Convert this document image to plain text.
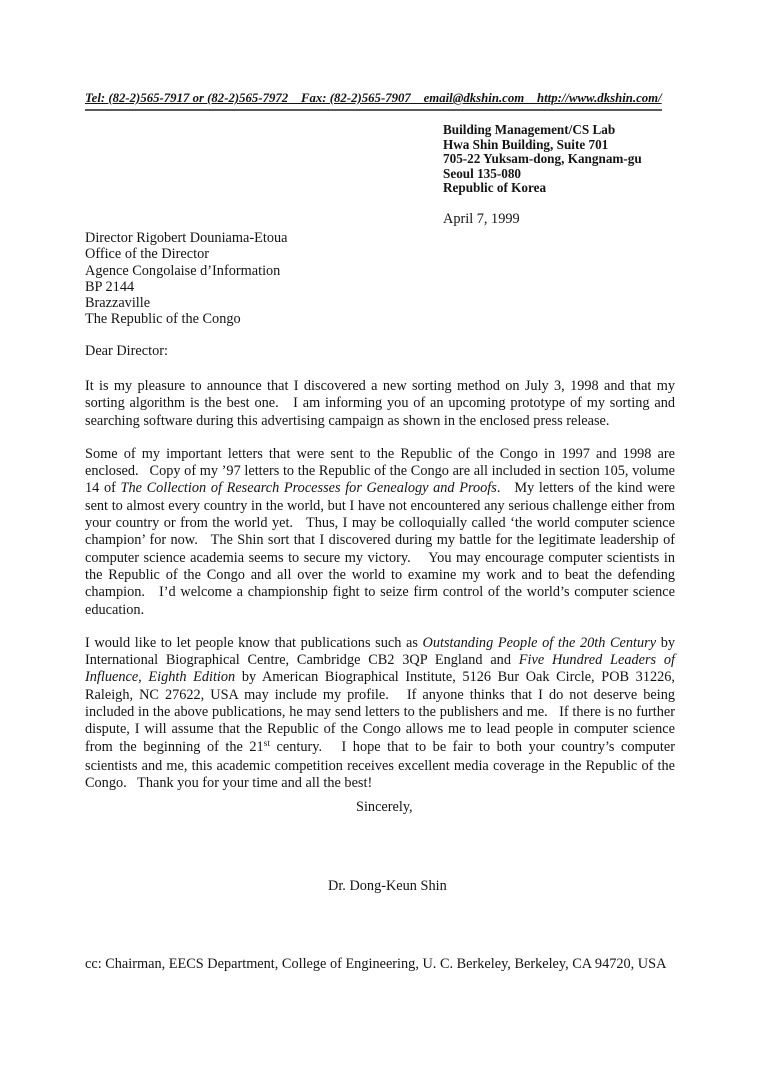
Tel: (82-2)565-7917 or (82-2)565-7972    Fax: (82-2)565-7907    email@dkshin.com    http://www.dkshin.com/
Building Management/CS Lab
Hwa Shin Building, Suite 701
705-22 Yuksam-dong, Kangnam-gu
Seoul 135-080
Republic of Korea
April 7, 1999
Director Rigobert Douniama-Etoua
Office of the Director
Agence Congolaise d’Information
BP 2144
Brazzaville
The Republic of the Congo
Dear Director:

It is my pleasure to announce that I discovered a new sorting method on July 3, 1998 and that my sorting algorithm is the best one.   I am informing you of an upcoming prototype of my sorting and searching software during this advertising campaign as shown in the enclosed press release.

Some of my important letters that were sent to the Republic of the Congo in 1997 and 1998 are enclosed.   Copy of my ’97 letters to the Republic of the Congo are all included in section 105, volume 14 of The Collection of Research Processes for Genealogy and Proofs.   My letters of the kind were sent to almost every country in the world, but I have not encountered any serious challenge either from your country or from the world yet.   Thus, I may be colloquially called ‘the world computer science champion’ for now.   The Shin sort that I discovered during my battle for the legitimate leadership of computer science academia seems to secure my victory.    You may encourage computer scientists in the Republic of the Congo and all over the world to examine my work and to beat the defending champion.   I’d welcome a championship fight to seize firm control of the world’s computer science education.

I would like to let people know that publications such as Outstanding People of the 20th Century by International Biographical Centre, Cambridge CB2 3QP England and Five Hundred Leaders of Influence, Eighth Edition by American Biographical Institute, 5126 Bur Oak Circle, POB 31226, Raleigh, NC 27622, USA may include my profile.   If anyone thinks that I do not deserve being included in the above publications, he may send letters to the publishers and me.   If there is no further dispute, I will assume that the Republic of the Congo allows me to lead people in computer science from the beginning of the 21st century.   I hope that to be fair to both your country’s computer scientists and me, this academic competition receives excellent media coverage in the Republic of the Congo.   Thank you for your time and all the best!

Sincerely,
Dr. Dong-Keun Shin
cc: Chairman, EECS Department, College of Engineering, U. C. Berkeley, Berkeley, CA 94720, USA
